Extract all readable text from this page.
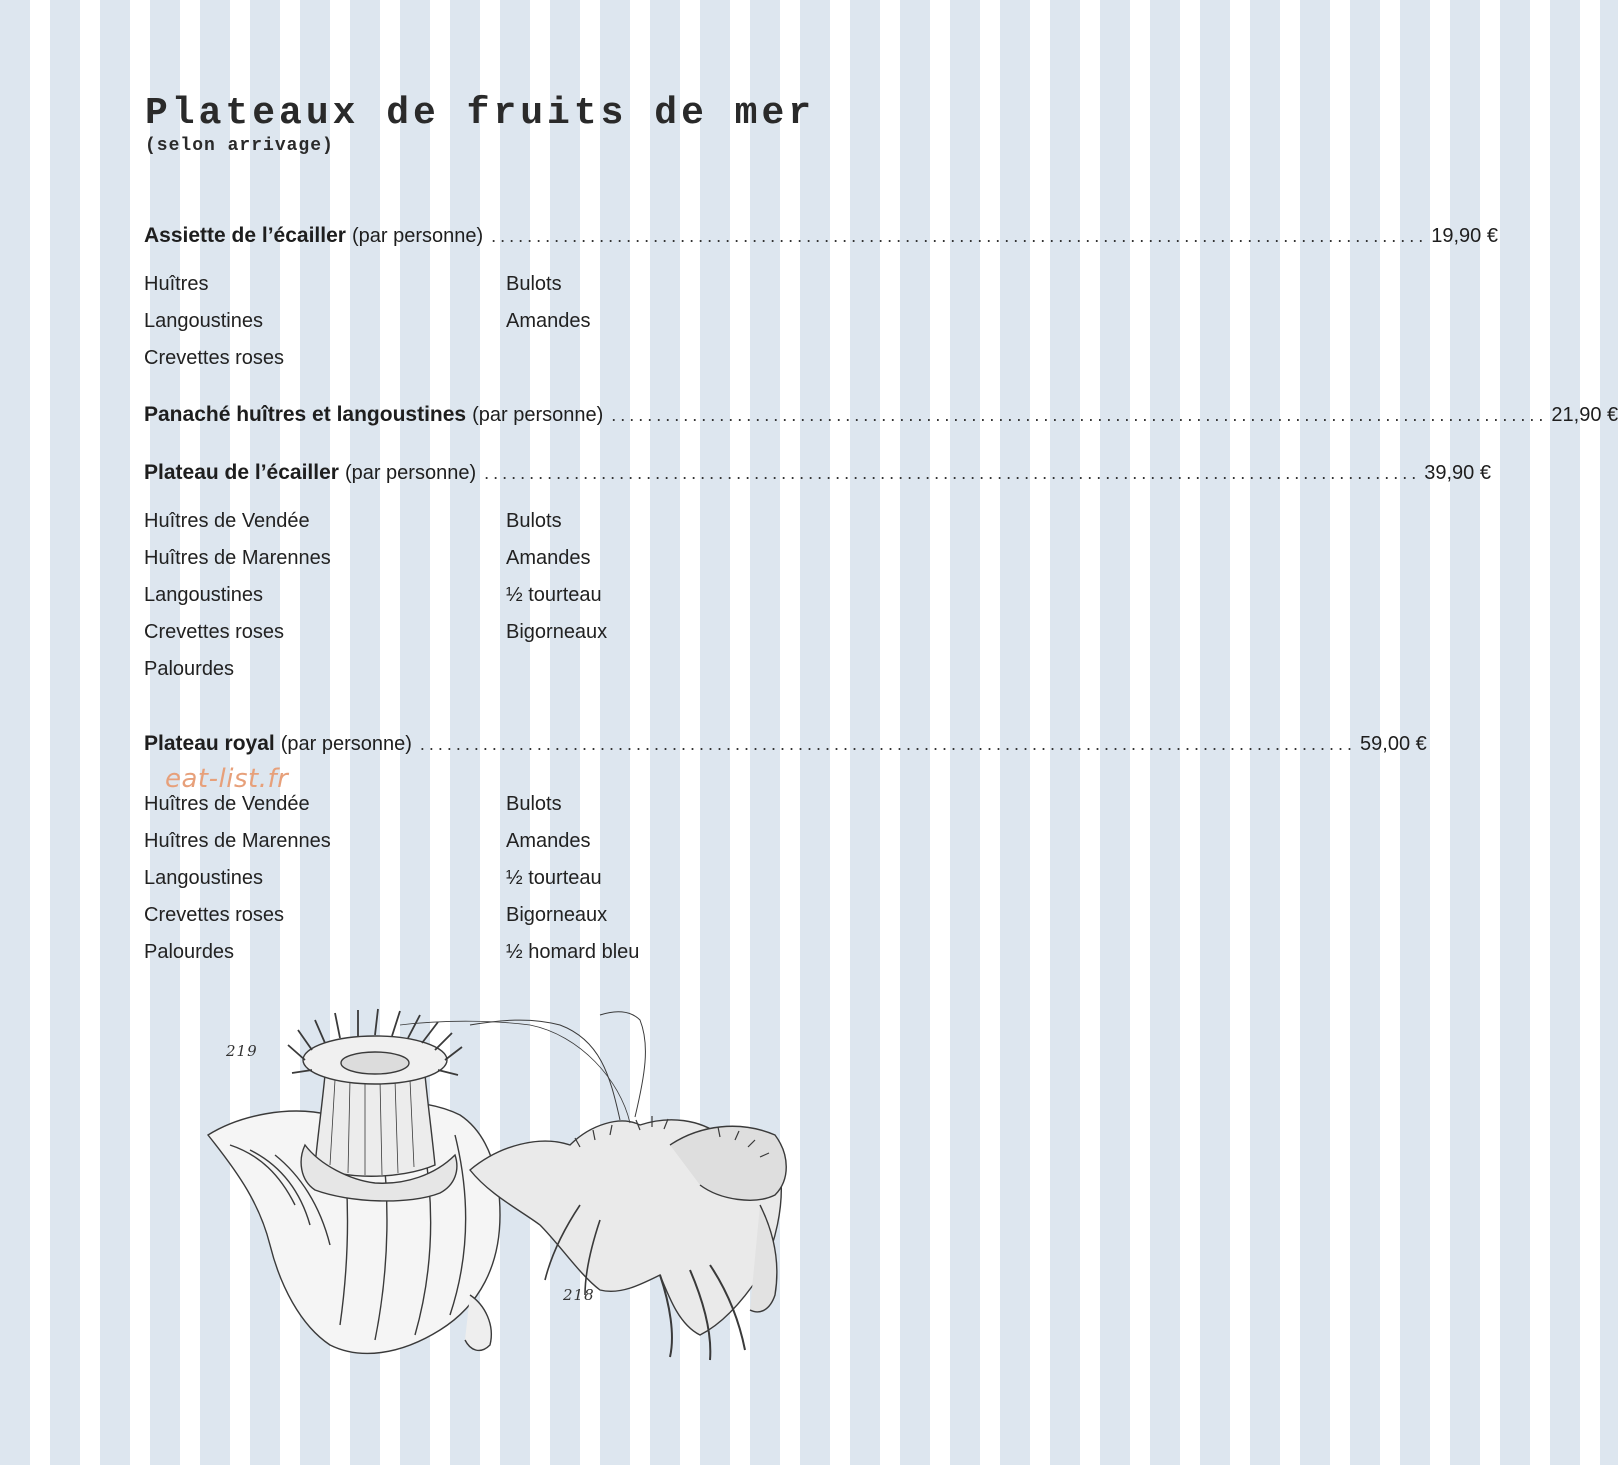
Plateaux de fruits de mer
(selon arrivage)
Assiette de l’écailler (par personne) ........................................................................................................ 19,90 €
Huîtres
Langoustines
Crevettes roses
Bulots
Amandes
Panaché huîtres et langoustines (par personne) ........................................................................................................ 21,90 €
Plateau de l’écailler (par personne) ........................................................................................................ 39,90 €
Huîtres de Vendée
Huîtres de Marennes
Langoustines
Crevettes roses
Palourdes
Bulots
Amandes
½ tourteau
Bigorneaux
Plateau royal (par personne) ........................................................................................................ 59,00 €
eat-list.fr
Huîtres de Vendée
Huîtres de Marennes
Langoustines
Crevettes roses
Palourdes
Bulots
Amandes
½ tourteau
Bigorneaux
½ homard bleu
219
218
